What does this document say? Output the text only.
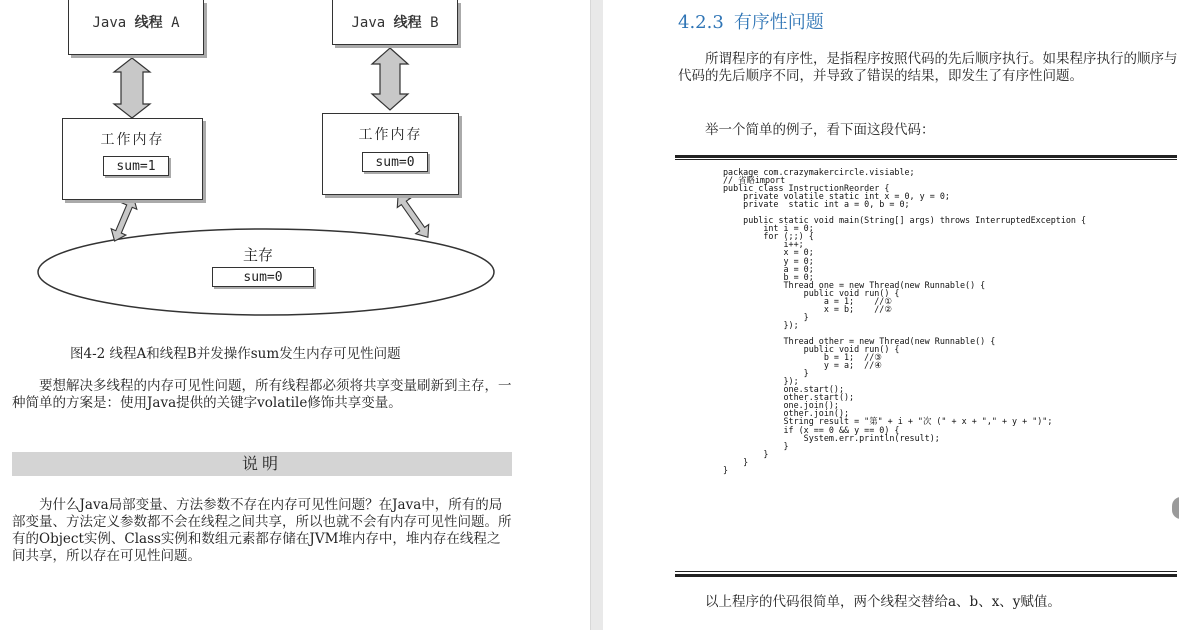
Java 线程 A	Java 线程 B
工作内存
sum=1
工作内存
sum=0
主存
sum=0
图4-2 线程A和线程B并发操作sum发生内存可见性问题
要想解决多线程的内存可见性问题，所有线程都必须将共享变量刷新到主存，一种简单的方案是：使用Java提供的关键字volatile修饰共享变量。
说明
为什么Java局部变量、方法参数不存在内存可见性问题？在Java中，所有的局部变量、方法定义参数都不会在线程之间共享，所以也就不会有内存可见性问题。所有的Object实例、Class实例和数组元素都存储在JVM堆内存中，堆内存在线程之间共享，所以存在可见性问题。
4.2.3 有序性问题
所谓程序的有序性，是指程序按照代码的先后顺序执行。如果程序执行的顺序与代码的先后顺序不同，并导致了错误的结果，即发生了有序性问题。
举一个简单的例子，看下面这段代码：
package com.crazymakercircle.visiable;
// 省略import
public class InstructionReorder {
private volatile static int x = 0, y = 0;
private  static int a = 0, b = 0;

public static void main(String[] args) throws InterruptedException {
int i = 0;
for (;;) {
i++;
x = 0;
y = 0;
a = 0;
b = 0;
Thread one = new Thread(new Runnable() {
public void run() {
a = 1;    //①
x = b;    //②
}
});

Thread other = new Thread(new Runnable() {
public void run() {
b = 1;  //③
y = a;  //④
}
});
one.start();
other.start();
one.join();
other.join();
String result = "第" + i + "次 (" + x + "," + y + ")";
if (x == 0 && y == 0) {
System.err.println(result);
}
}
}
}
以上程序的代码很简单，两个线程交替给a、b、x、y赋值。
